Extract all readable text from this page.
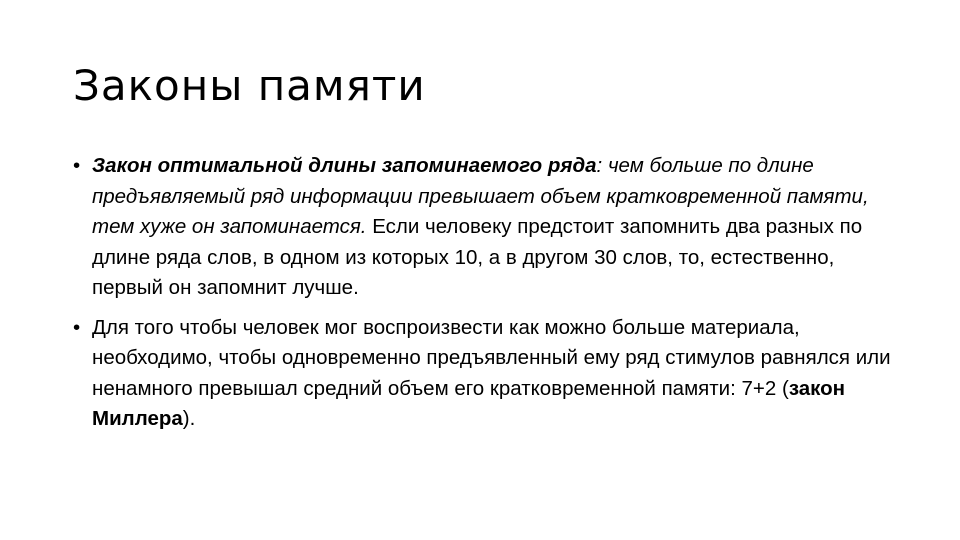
Законы памяти
• Закон оптимальной длины запоминаемого ряда: чем больше по длине предъявляемый ряд информации превышает объем кратковременной памяти, тем хуже он запоминается. Если человеку предстоит запомнить два разных по длине ряда слов, в одном из которых 10, а в другом 30 слов, то, естественно, первый он запомнит лучше.
• Для того чтобы человек мог воспроизвести как можно больше материала, необходимо, чтобы одновременно предъявленный ему ряд стимулов равнялся или ненамного превышал средний объем его кратковременной памяти: 7+2 (закон Миллера).
